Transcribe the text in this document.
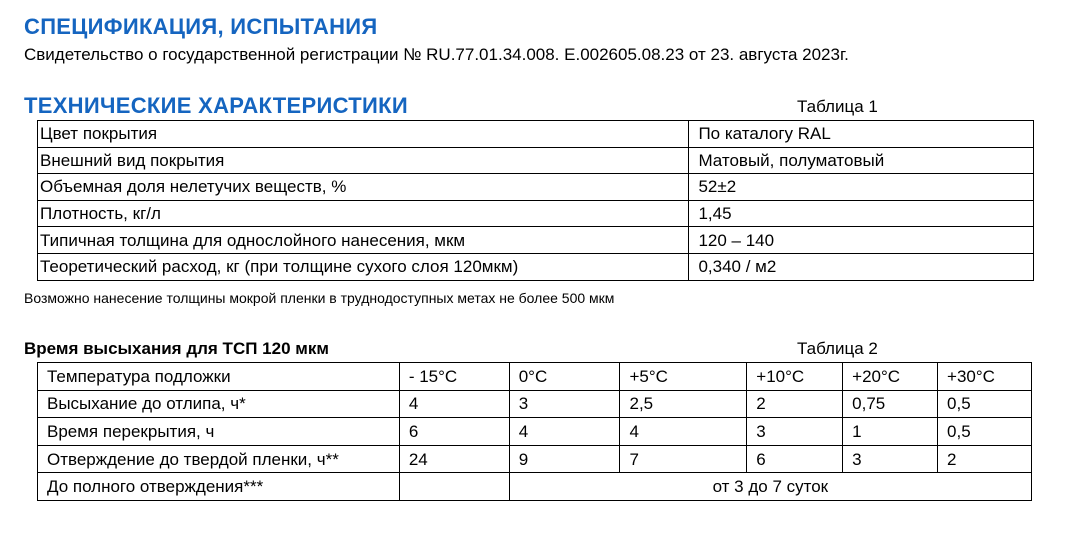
СПЕЦИФИКАЦИЯ, ИСПЫТАНИЯ
Свидетельство о государственной регистрации № RU.77.01.34.008. Е.002605.08.23 от 23. августа 2023г.
ТЕХНИЧЕСКИЕ ХАРАКТЕРИСТИКИ	Таблица 1
Цвет покрытия	По каталогу RAL
Внешний вид покрытия	Матовый, полуматовый
Объемная доля нелетучих веществ, %	52±2
Плотность, кг/л	1,45
Типичная толщина для однослойного нанесения, мкм	120 – 140
Теоретический расход, кг (при толщине сухого слоя 120мкм)	0,340 / м2
Возможно нанесение толщины мокрой пленки в труднодоступных метах не более 500 мкм
Время высыхания для ТСП 120 мкм	Таблица 2
Температура подложки	- 15°C	0°C	+5°C	+10°C	+20°C	+30°C
Высыхание до отлипа, ч*	4	3	2,5	2	0,75	0,5
Время перекрытия, ч	6	4	4	3	1	0,5
Отверждение до твердой пленки, ч**	24	9	7	6	3	2
До полного отверждения***		от 3 до 7 суток				
